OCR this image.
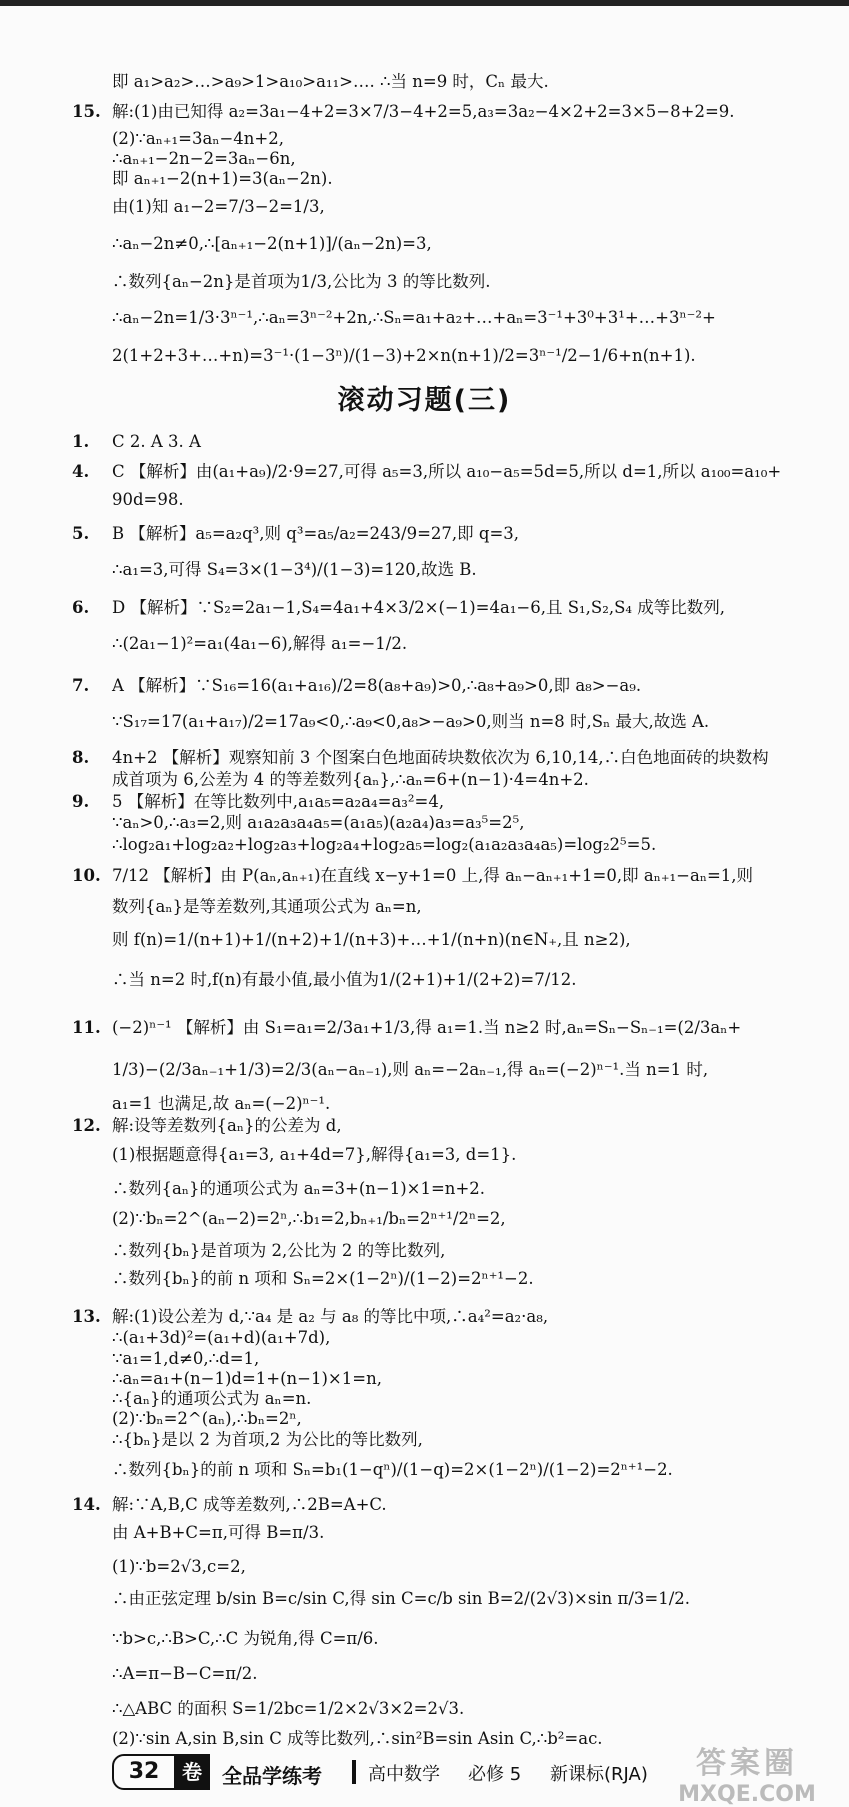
即 a₁>a₂>…>a₉>1>a₁₀>a₁₁>…. ∴当 n=9 时，Cₙ 最大.
15. 解:(1)由已知得 a₂=3a₁−4+2=3×7/3−4+2=5,a₃=3a₂−4×2+2=3×5−8+2=9.
(2)∵aₙ₊₁=3aₙ−4n+2,
∴aₙ₊₁−2n−2=3aₙ−6n,
即 aₙ₊₁−2(n+1)=3(aₙ−2n).
由(1)知 a₁−2=7/3−2=1/3,
∴aₙ−2n≠0,∴[aₙ₊₁−2(n+1)]/(aₙ−2n)=3,
∴数列{aₙ−2n}是首项为1/3,公比为 3 的等比数列.
∴aₙ−2n=1/3·3ⁿ⁻¹,∴aₙ=3ⁿ⁻²+2n,∴Sₙ=a₁+a₂+…+aₙ=3⁻¹+3⁰+3¹+…+3ⁿ⁻²+
2(1+2+3+…+n)=3⁻¹·(1−3ⁿ)/(1−3)+2×n(n+1)/2=3ⁿ⁻¹/2−1/6+n(n+1).
1.	C 2. A 3. A
4.	C 【解析】由(a₁+a₉)/2·9=27,可得 a₅=3,所以 a₁₀−a₅=5d=5,所以 d=1,所以 a₁₀₀=a₁₀+
90d=98.
5.	B 【解析】a₅=a₂q³,则 q³=a₅/a₂=243/9=27,即 q=3,
∴a₁=3,可得 S₄=3×(1−3⁴)/(1−3)=120,故选 B.
6.	D 【解析】∵S₂=2a₁−1,S₄=4a₁+4×3/2×(−1)=4a₁−6,且 S₁,S₂,S₄ 成等比数列,
∴(2a₁−1)²=a₁(4a₁−6),解得 a₁=−1/2.
7.	A 【解析】∵S₁₆=16(a₁+a₁₆)/2=8(a₈+a₉)>0,∴a₈+a₉>0,即 a₈>−a₉.
∵S₁₇=17(a₁+a₁₇)/2=17a₉<0,∴a₉<0,a₈>−a₉>0,则当 n=8 时,Sₙ 最大,故选 A.
8.	4n+2 【解析】观察知前 3 个图案白色地面砖块数依次为 6,10,14,∴白色地面砖的块数构
成首项为 6,公差为 4 的等差数列{aₙ},∴aₙ=6+(n−1)·4=4n+2.
9.	5 【解析】在等比数列中,a₁a₅=a₂a₄=a₃²=4,
∵aₙ>0,∴a₃=2,则 a₁a₂a₃a₄a₅=(a₁a₅)(a₂a₄)a₃=a₃⁵=2⁵,
∴log₂a₁+log₂a₂+log₂a₃+log₂a₄+log₂a₅=log₂(a₁a₂a₃a₄a₅)=log₂2⁵=5.
10. 7/12 【解析】由 P(aₙ,aₙ₊₁)在直线 x−y+1=0 上,得 aₙ−aₙ₊₁+1=0,即 aₙ₊₁−aₙ=1,则
数列{aₙ}是等差数列,其通项公式为 aₙ=n,
则 f(n)=1/(n+1)+1/(n+2)+1/(n+3)+…+1/(n+n)(n∈N₊,且 n≥2),
∴当 n=2 时,f(n)有最小值,最小值为1/(2+1)+1/(2+2)=7/12.
11. (−2)ⁿ⁻¹ 【解析】由 S₁=a₁=2/3a₁+1/3,得 a₁=1.当 n≥2 时,aₙ=Sₙ−Sₙ₋₁=(2/3aₙ+
1/3)−(2/3aₙ₋₁+1/3)=2/3(aₙ−aₙ₋₁),则 aₙ=−2aₙ₋₁,得 aₙ=(−2)ⁿ⁻¹.当 n=1 时,
a₁=1 也满足,故 aₙ=(−2)ⁿ⁻¹.
12. 解:设等差数列{aₙ}的公差为 d,
(1)根据题意得{a₁=3, a₁+4d=7},解得{a₁=3, d=1}.
∴数列{aₙ}的通项公式为 aₙ=3+(n−1)×1=n+2.
(2)∵bₙ=2^(aₙ−2)=2ⁿ,∴b₁=2,bₙ₊₁/bₙ=2ⁿ⁺¹/2ⁿ=2,
∴数列{bₙ}是首项为 2,公比为 2 的等比数列,
∴数列{bₙ}的前 n 项和 Sₙ=2×(1−2ⁿ)/(1−2)=2ⁿ⁺¹−2.
13. 解:(1)设公差为 d,∵a₄ 是 a₂ 与 a₈ 的等比中项,∴a₄²=a₂·a₈,
∴(a₁+3d)²=(a₁+d)(a₁+7d),
∵a₁=1,d≠0,∴d=1,
∴aₙ=a₁+(n−1)d=1+(n−1)×1=n,
∴{aₙ}的通项公式为 aₙ=n.
(2)∵bₙ=2^(aₙ),∴bₙ=2ⁿ,
∴{bₙ}是以 2 为首项,2 为公比的等比数列,
∴数列{bₙ}的前 n 项和 Sₙ=b₁(1−qⁿ)/(1−q)=2×(1−2ⁿ)/(1−2)=2ⁿ⁺¹−2.
14. 解:∵A,B,C 成等差数列,∴2B=A+C.
由 A+B+C=π,可得 B=π/3.
(1)∵b=2√3,c=2,
∴由正弦定理 b/sin B=c/sin C,得 sin C=c/b sin B=2/(2√3)×sin π/3=1/2.
∵b>c,∴B>C,∴C 为锐角,得 C=π/6.
∴A=π−B−C=π/2.
∴△ABC 的面积 S=1/2bc=1/2×2√3×2=2√3.
(2)∵sin A,sin B,sin C 成等比数列,∴sin²B=sin Asin C,∴b²=ac.
滚动习题(三)
32	卷	全品学练考	高中数学 必修 5 新课标(RJA)	答案圈
MXQE.COM
